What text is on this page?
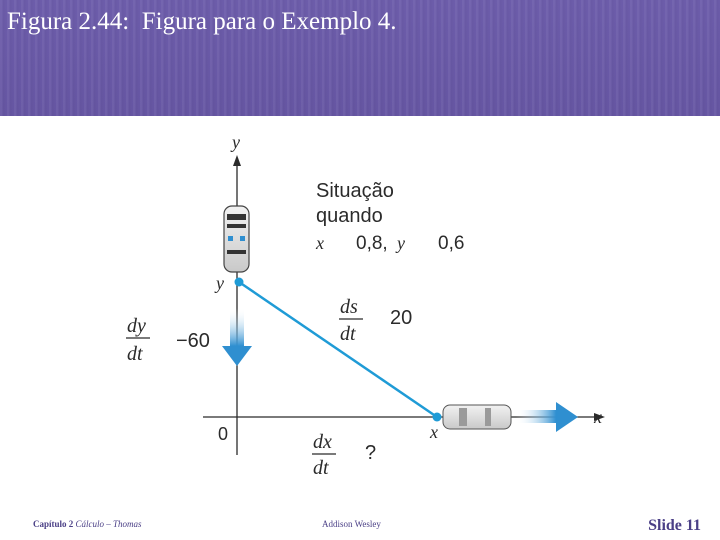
Figura 2.44:  Figura para o Exemplo 4.
y
x
0
y
x
Situação
quando
x 0,8, y 0,6
dy
dt
−60
ds
dt
20
dx
dt
?
Capítulo 2 Cálculo – Thomas	Addison Wesley	Slide 11
